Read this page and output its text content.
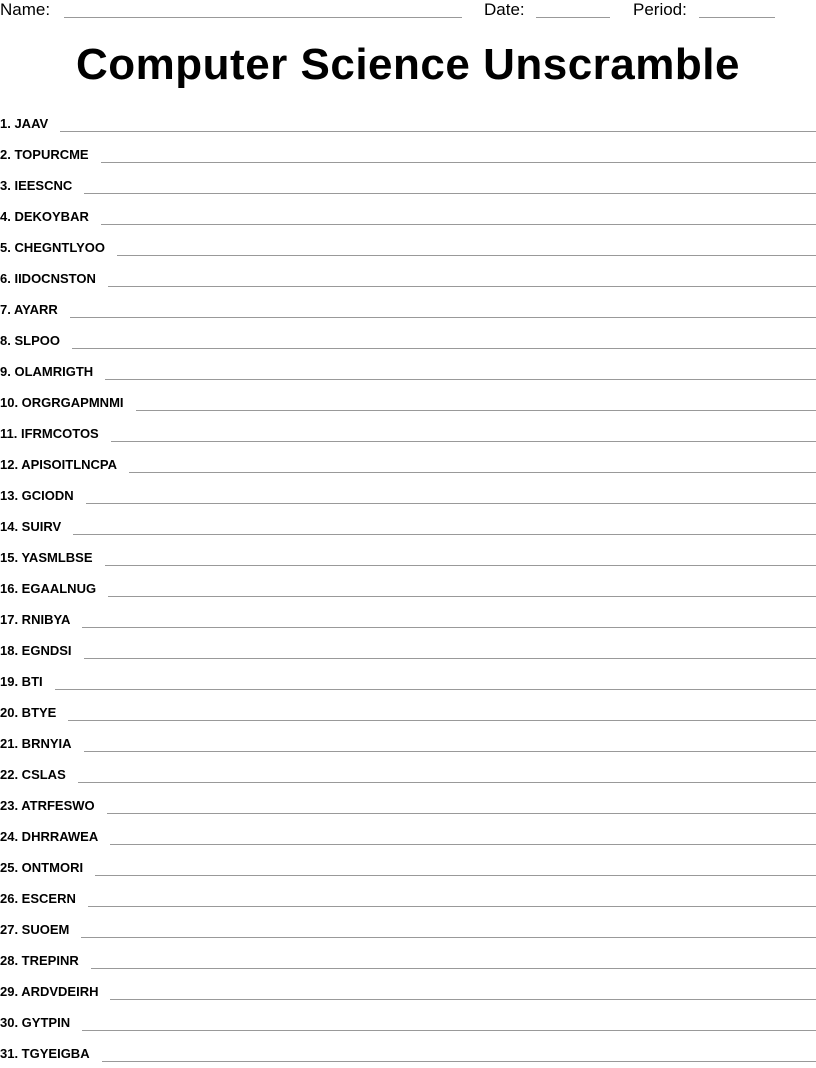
Name:	Date:	Period:
Computer Science Unscramble
1. JAAV
2. TOPURCME
3. IEESCNC
4. DEKOYBAR
5. CHEGNTLYOO
6. IIDOCNSTON
7. AYARR
8. SLPOO
9. OLAMRIGTH
10. ORGRGAPMNMI
11. IFRMCOTOS
12. APISOITLNCPA
13. GCIODN
14. SUIRV
15. YASMLBSE
16. EGAALNUG
17. RNIBYA
18. EGNDSI
19. BTI
20. BTYE
21. BRNYIA
22. CSLAS
23. ATRFESWO
24. DHRRAWEA
25. ONTMORI
26. ESCERN
27. SUOEM
28. TREPINR
29. ARDVDEIRH
30. GYTPIN
31. TGYEIGBA
